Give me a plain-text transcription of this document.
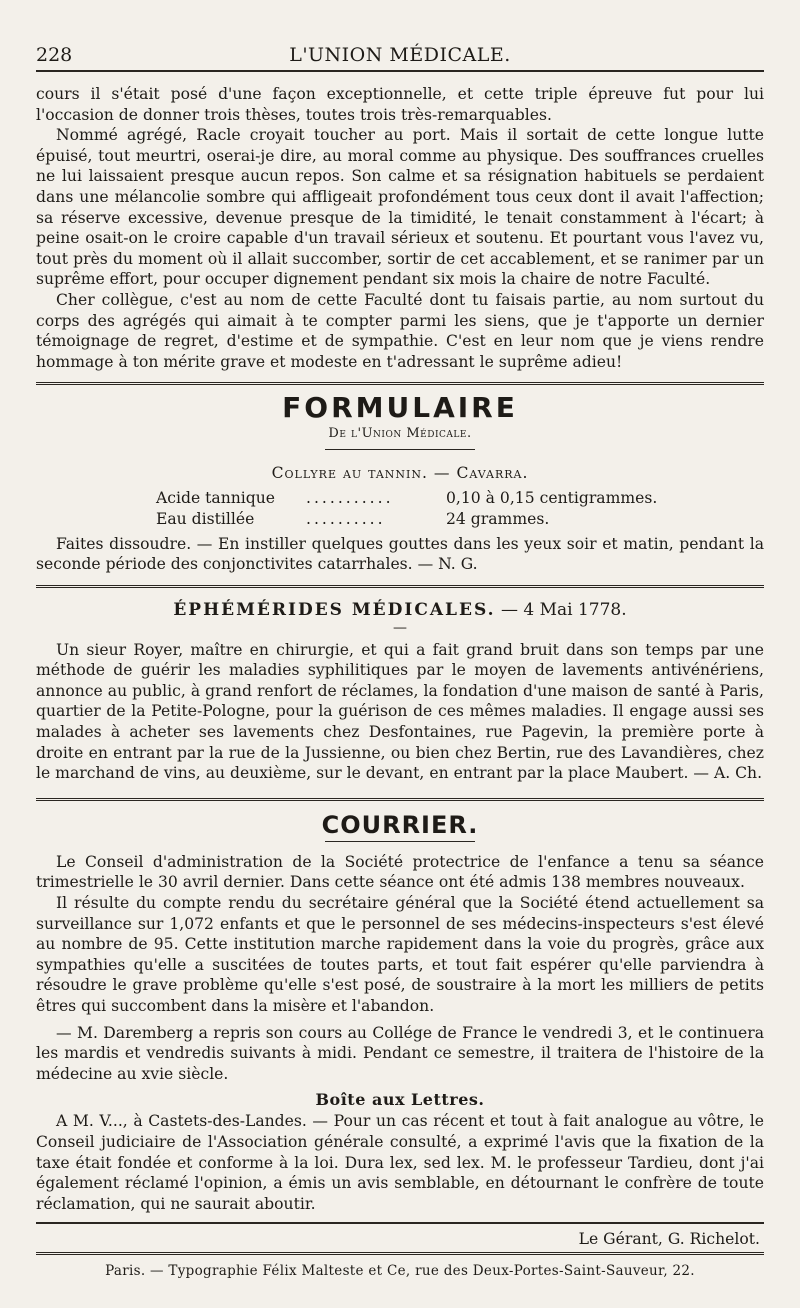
228	L'UNION MÉDICALE.

cours il s'était posé d'une façon exceptionnelle, et cette triple épreuve fut pour lui l'occasion de donner trois thèses, toutes trois très-remarquables.

Nommé agrégé, Racle croyait toucher au port. Mais il sortait de cette longue lutte épuisé, tout meurtri, oserai-je dire, au moral comme au physique. Des souffrances cruelles ne lui laissaient presque aucun repos. Son calme et sa résignation habituels se perdaient dans une mélancolie sombre qui affligeait profondément tous ceux dont il avait l'affection; sa réserve excessive, devenue presque de la timidité, le tenait constamment à l'écart; à peine osait-on le croire capable d'un travail sérieux et soutenu. Et pourtant vous l'avez vu, tout près du moment où il allait succomber, sortir de cet accablement, et se ranimer par un suprême effort, pour occuper dignement pendant six mois la chaire de notre Faculté.

Cher collègue, c'est au nom de cette Faculté dont tu faisais partie, au nom surtout du corps des agrégés qui aimait à te compter parmi les siens, que je t'apporte un dernier témoignage de regret, d'estime et de sympathie. C'est en leur nom que je viens rendre hommage à ton mérite grave et modeste en t'adressant le suprême adieu!

FORMULAIRE
De l'Union Médicale.
Collyre au tannin. — Cavarra.
Acide tannique	...........	0,10 à 0,15 centigrammes.
Eau distillée	..........	24 grammes.

Faites dissoudre. — En instiller quelques gouttes dans les yeux soir et matin, pendant la seconde période des conjonctivites catarrhales. — N. G.

ÉPHÉMÉRIDES MÉDICALES. — 4 Mai 1778.
—

Un sieur Royer, maître en chirurgie, et qui a fait grand bruit dans son temps par une méthode de guérir les maladies syphilitiques par le moyen de lavements antivénériens, annonce au public, à grand renfort de réclames, la fondation d'une maison de santé à Paris, quartier de la Petite-Pologne, pour la guérison de ces mêmes maladies. Il engage aussi ses malades à acheter ses lavements chez Desfontaines, rue Pagevin, la première porte à droite en entrant par la rue de la Jussienne, ou bien chez Bertin, rue des Lavandières, chez le marchand de vins, au deuxième, sur le devant, en entrant par la place Maubert. — A. Ch.

COURRIER.

Le Conseil d'administration de la Société protectrice de l'enfance a tenu sa séance trimestrielle le 30 avril dernier. Dans cette séance ont été admis 138 membres nouveaux.

Il résulte du compte rendu du secrétaire général que la Société étend actuellement sa surveillance sur 1,072 enfants et que le personnel de ses médecins-inspecteurs s'est élevé au nombre de 95. Cette institution marche rapidement dans la voie du progrès, grâce aux sympathies qu'elle a suscitées de toutes parts, et tout fait espérer qu'elle parviendra à résoudre le grave problème qu'elle s'est posé, de soustraire à la mort les milliers de petits êtres qui succombent dans la misère et l'abandon.

— M. Daremberg a repris son cours au Collége de France le vendredi 3, et le continuera les mardis et vendredis suivants à midi. Pendant ce semestre, il traitera de l'histoire de la médecine au xvie siècle.

Boîte aux Lettres.

A M. V..., à Castets-des-Landes. — Pour un cas récent et tout à fait analogue au vôtre, le Conseil judiciaire de l'Association générale consulté, a exprimé l'avis que la fixation de la taxe était fondée et conforme à la loi. Dura lex, sed lex. M. le professeur Tardieu, dont j'ai également réclamé l'opinion, a émis un avis semblable, en détournant le confrère de toute réclamation, qui ne saurait aboutir.

Le Gérant, G. Richelot.
Paris. — Typographie Félix Malteste et Ce, rue des Deux-Portes-Saint-Sauveur, 22.
